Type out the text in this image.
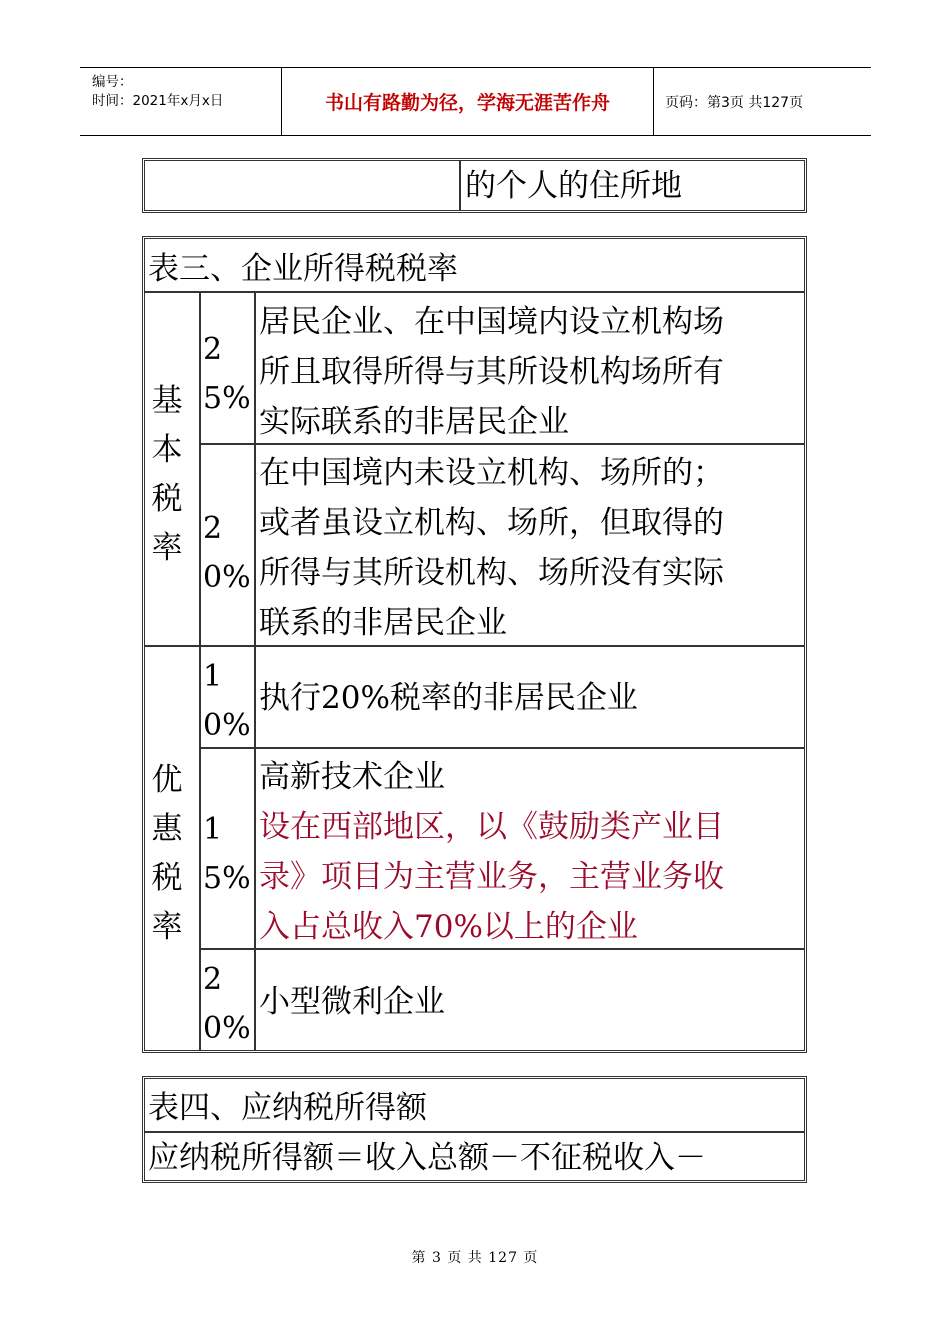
编号：
时间：2021年x月x日	书山有路勤为径，学海无涯苦作舟	页码：第3页 共127页
的个人的住所地
表三、企业所得税税率
基本税率
25%
居民企业、在中国境内设立机构场
所且取得所得与其所设机构场所有
实际联系的非居民企业
20%
在中国境内未设立机构、场所的；
或者虽设立机构、场所，但取得的
所得与其所设机构、场所没有实际
联系的非居民企业
优惠税率
10%
执行20%税率的非居民企业
15%
高新技术企业
设在西部地区，以《鼓励类产业目
录》项目为主营业务，主营业务收
入占总收入70%以上的企业
20%
小型微利企业
表四、应纳税所得额
应纳税所得额＝收入总额－不征税收入－
第 3 页 共 127 页
